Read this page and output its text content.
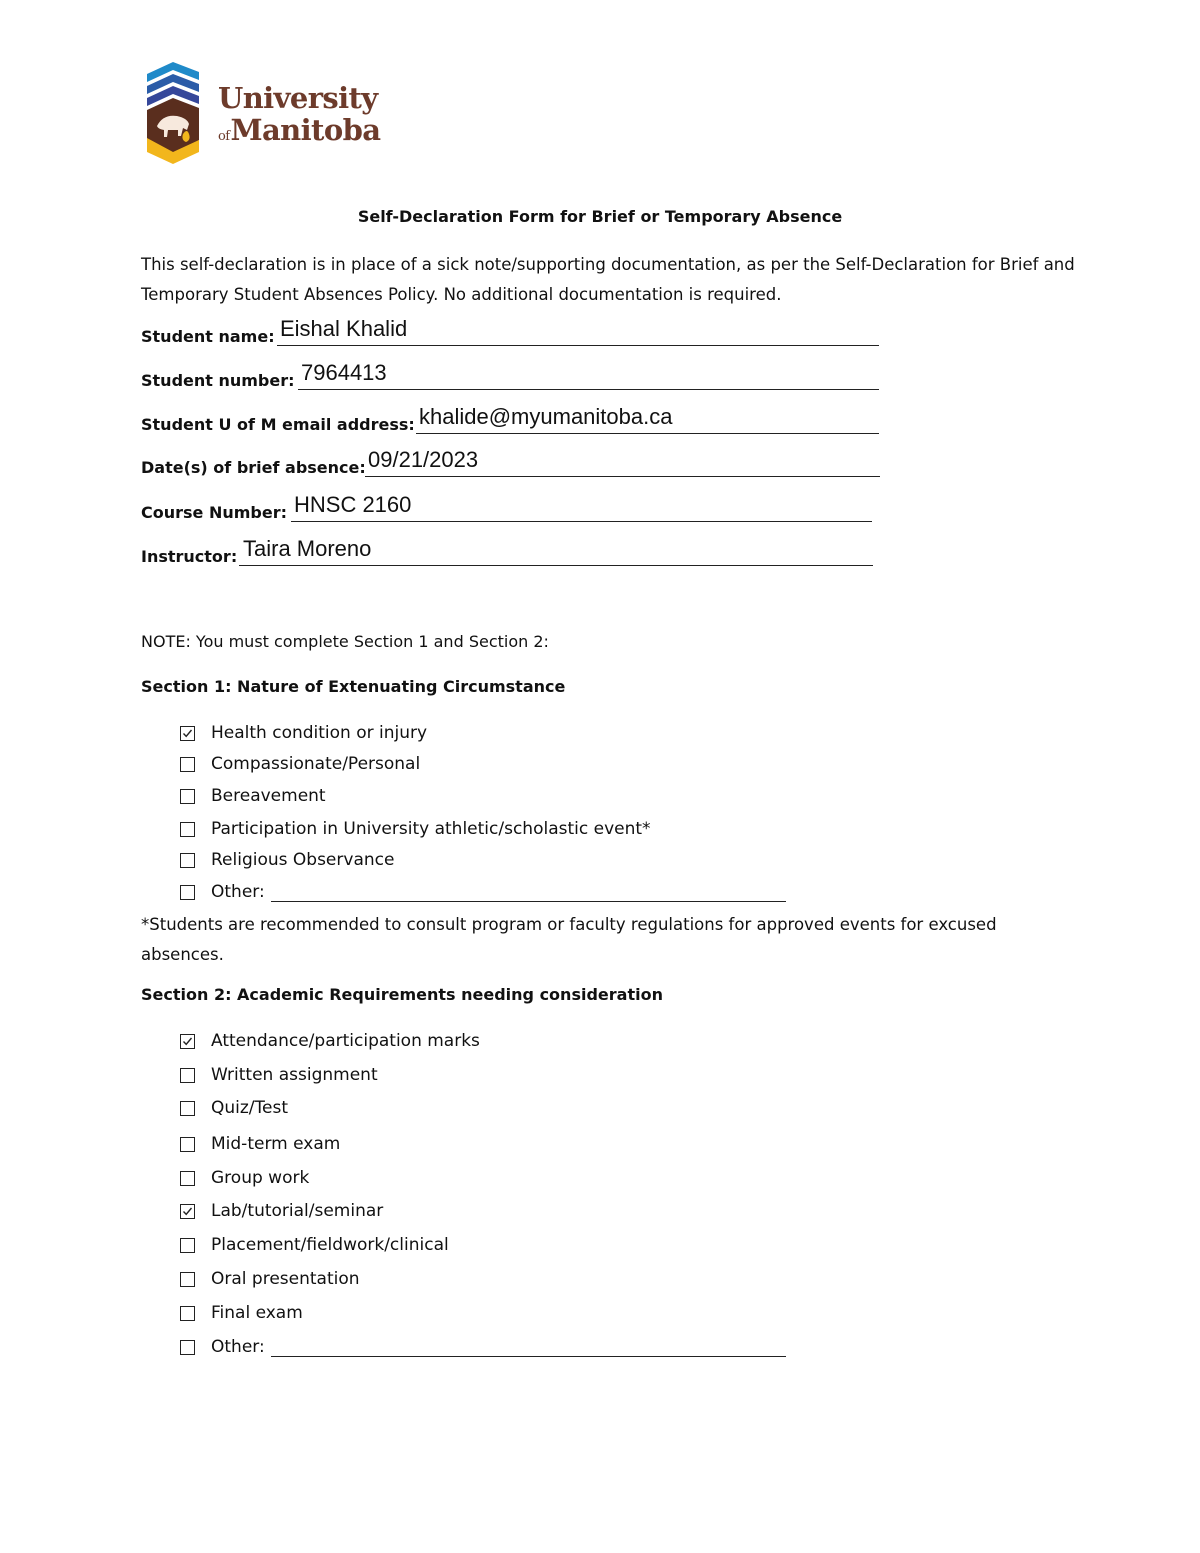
University
ofManitoba
Self-Declaration Form for Brief or Temporary Absence
This self-declaration is in place of a sick note/supporting documentation, as per the Self-Declaration for Brief and Temporary Student Absences Policy. No additional documentation is required.
Student name: Eishal Khalid
Student number: 7964413
Student U of M email address: khalide@myumanitoba.ca
Date(s) of brief absence: 09/21/2023
Course Number: HNSC 2160
Instructor: Taira Moreno
NOTE: You must complete Section 1 and Section 2:
Section 1: Nature of Extenuating Circumstance
Health condition or injury
Compassionate/Personal
Bereavement
Participation in University athletic/scholastic event*
Religious Observance
Other:
*Students are recommended to consult program or faculty regulations for approved events for excused absences.
Section 2: Academic Requirements needing consideration
Attendance/participation marks
Written assignment
Quiz/Test
Mid-term exam
Group work
Lab/tutorial/seminar
Placement/fieldwork/clinical
Oral presentation
Final exam
Other:
